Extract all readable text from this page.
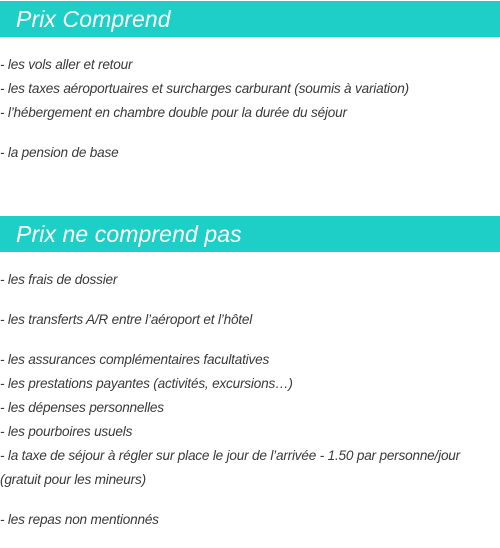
Prix Comprend
- les vols aller et retour
- les taxes aéroportuaires et surcharges carburant (soumis à variation)
- l’hébergement en chambre double pour la durée du séjour
- la pension de base
Prix ne comprend pas
- les frais de dossier
- les transferts A/R entre l’aéroport et l’hôtel
- les assurances complémentaires facultatives
- les prestations payantes (activités, excursions…)
- les dépenses personnelles
- les pourboires usuels
- la taxe de séjour à régler sur place le jour de l’arrivée - 1.50 par personne/jour
(gratuit pour les mineurs)
- les repas non mentionnés
